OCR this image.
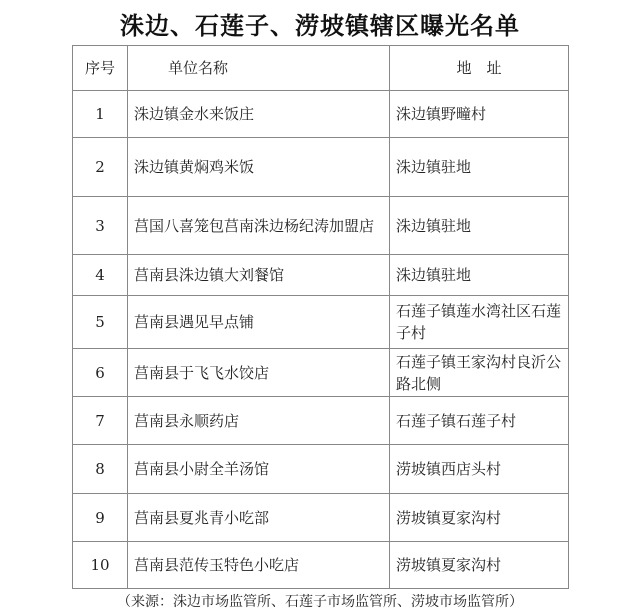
洙边、石莲子、涝坡镇辖区曝光名单
序号	单位名称	地　址
1	洙边镇金水来饭庄	洙边镇野疃村
2	洙边镇黄焖鸡米饭	洙边镇驻地
3	莒国八喜笼包莒南洙边杨纪涛加盟店	洙边镇驻地
4	莒南县洙边镇大刘餐馆	洙边镇驻地
5	莒南县遇见早点铺	石莲子镇莲水湾社区石莲子村
6	莒南县于飞飞水饺店	石莲子镇王家沟村良沂公路北侧
7	莒南县永顺药店	石莲子镇石莲子村
8	莒南县小尉全羊汤馆	涝坡镇西店头村
9	莒南县夏兆青小吃部	涝坡镇夏家沟村
10	莒南县范传玉特色小吃店	涝坡镇夏家沟村
（来源：洙边市场监管所、石莲子市场监管所、涝坡市场监管所）
